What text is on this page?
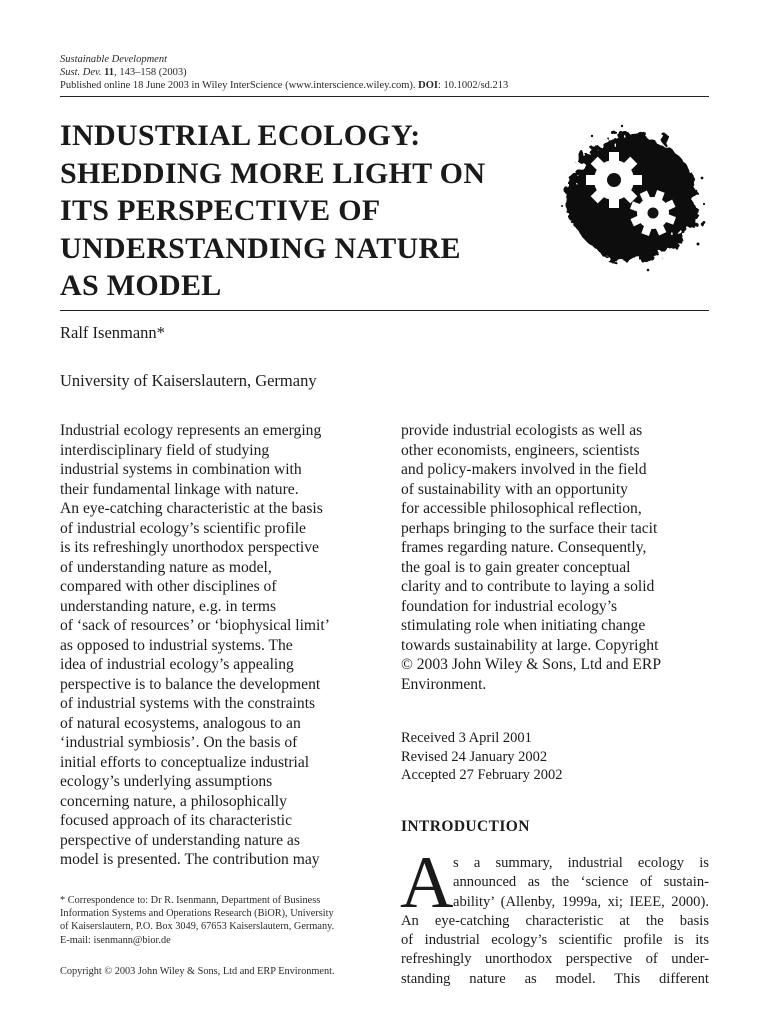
Sustainable Development
Sust. Dev. 11, 143–158 (2003)
Published online 18 June 2003 in Wiley InterScience (www.interscience.wiley.com). DOI: 10.1002/sd.213
INDUSTRIAL ECOLOGY:
SHEDDING MORE LIGHT ON
ITS PERSPECTIVE OF
UNDERSTANDING NATURE
AS MODEL
Ralf Isenmann*
University of Kaiserslautern, Germany
Industrial ecology represents an emerging
interdisciplinary field of studying
industrial systems in combination with
their fundamental linkage with nature.
An eye-catching characteristic at the basis
of industrial ecology’s scientific profile
is its refreshingly unorthodox perspective
of understanding nature as model,
compared with other disciplines of
understanding nature, e.g. in terms
of ‘sack of resources’ or ‘biophysical limit’
as opposed to industrial systems. The
idea of industrial ecology’s appealing
perspective is to balance the development
of industrial systems with the constraints
of natural ecosystems, analogous to an
‘industrial symbiosis’. On the basis of
initial efforts to conceptualize industrial
ecology’s underlying assumptions
concerning nature, a philosophically
focused approach of its characteristic
perspective of understanding nature as
model is presented. The contribution may
provide industrial ecologists as well as
other economists, engineers, scientists
and policy-makers involved in the field
of sustainability with an opportunity
for accessible philosophical reflection,
perhaps bringing to the surface their tacit
frames regarding nature. Consequently,
the goal is to gain greater conceptual
clarity and to contribute to laying a solid
foundation for industrial ecology’s
stimulating role when initiating change
towards sustainability at large. Copyright
© 2003 John Wiley & Sons, Ltd and ERP
Environment.
Received 3 April 2001
Revised 24 January 2002
Accepted 27 February 2002
INTRODUCTION
A s a summary, industrial ecology is
announced as the ‘science of sustain-
ability’ (Allenby, 1999a, xi; IEEE, 2000).
An eye-catching characteristic at the basis
of industrial ecology’s scientific profile is its
refreshingly unorthodox perspective of under-
standing nature as model. This different
* Correspondence to: Dr R. Isenmann, Department of Business
Information Systems and Operations Research (BiOR), University
of Kaiserslautern, P.O. Box 3049, 67653 Kaiserslautern, Germany.
E-mail: isenmann@bior.de
Copyright © 2003 John Wiley & Sons, Ltd and ERP Environment.
